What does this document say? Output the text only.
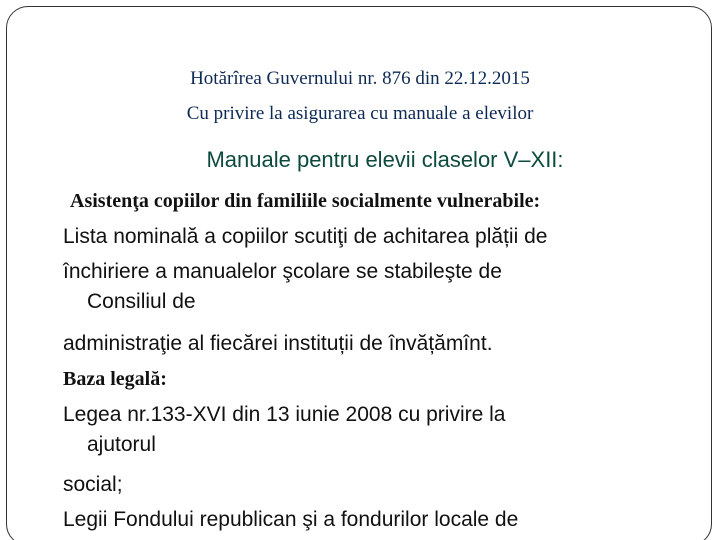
Hotărîrea Guvernului nr. 876 din 22.12.2015
Cu privire la asigurarea cu manuale a elevilor
Manuale pentru elevii claselor V–XII:
Asistenţa copiilor din familiile socialmente vulnerabile:
Lista nominală a copiilor scutiţi de achitarea plății de
închiriere a manualelor şcolare se stabileşte de
Consiliul de
administraţie al fiecărei instituții de învățămînt.
Baza legală:
Legea nr.133-XVI din 13 iunie 2008 cu privire la
ajutorul
social;
Legii Fondului republican şi a fondurilor locale de
